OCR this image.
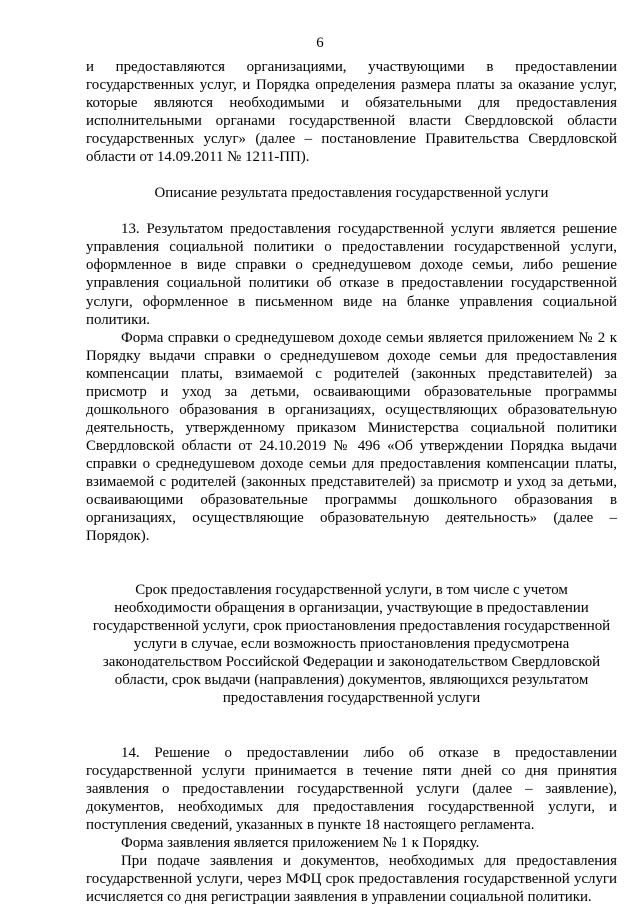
6

и предоставляются организациями, участвующими в предоставлении государственных услуг, и Порядка определения размера платы за оказание услуг, которые являются необходимыми и обязательными для предоставления исполнительными органами государственной власти Свердловской области государственных услуг» (далее – постановление Правительства Свердловской области от 14.09.2011 № 1211-ПП).

Описание результата предоставления государственной услуги

13. Результатом предоставления государственной услуги является решение управления социальной политики о предоставлении государственной услуги, оформленное в виде справки о среднедушевом доходе семьи, либо решение управления социальной политики об отказе в предоставлении государственной услуги, оформленное в письменном виде на бланке управления социальной политики.

Форма справки о среднедушевом доходе семьи является приложением № 2 к Порядку выдачи справки о среднедушевом доходе семьи для предоставления компенсации платы, взимаемой с родителей (законных представителей) за присмотр и уход за детьми, осваивающими образовательные программы дошкольного образования в организациях, осуществляющих образовательную деятельность, утвержденному приказом Министерства социальной политики Свердловской области от 24.10.2019 № 496 «Об утверждении Порядка выдачи справки о среднедушевом доходе семьи для предоставления компенсации платы, взимаемой с родителей (законных представителей) за присмотр и уход за детьми, осваивающими образовательные программы дошкольного образования в организациях, осуществляющие образовательную деятельность» (далее – Порядок).

Срок предоставления государственной услуги, в том числе с учетом необходимости обращения в организации, участвующие в предоставлении государственной услуги, срок приостановления предоставления государственной услуги в случае, если возможность приостановления предусмотрена законодательством Российской Федерации и законодательством Свердловской области, срок выдачи (направления) документов, являющихся результатом предоставления государственной услуги

14. Решение о предоставлении либо об отказе в предоставлении государственной услуги принимается в течение пяти дней со дня принятия заявления о предоставлении государственной услуги (далее – заявление), документов, необходимых для предоставления государственной услуги, и поступления сведений, указанных в пункте 18 настоящего регламента.

Форма заявления является приложением № 1 к Порядку.

При подаче заявления и документов, необходимых для предоставления государственной услуги, через МФЦ срок предоставления государственной услуги исчисляется со дня регистрации заявления в управлении социальной политики.
